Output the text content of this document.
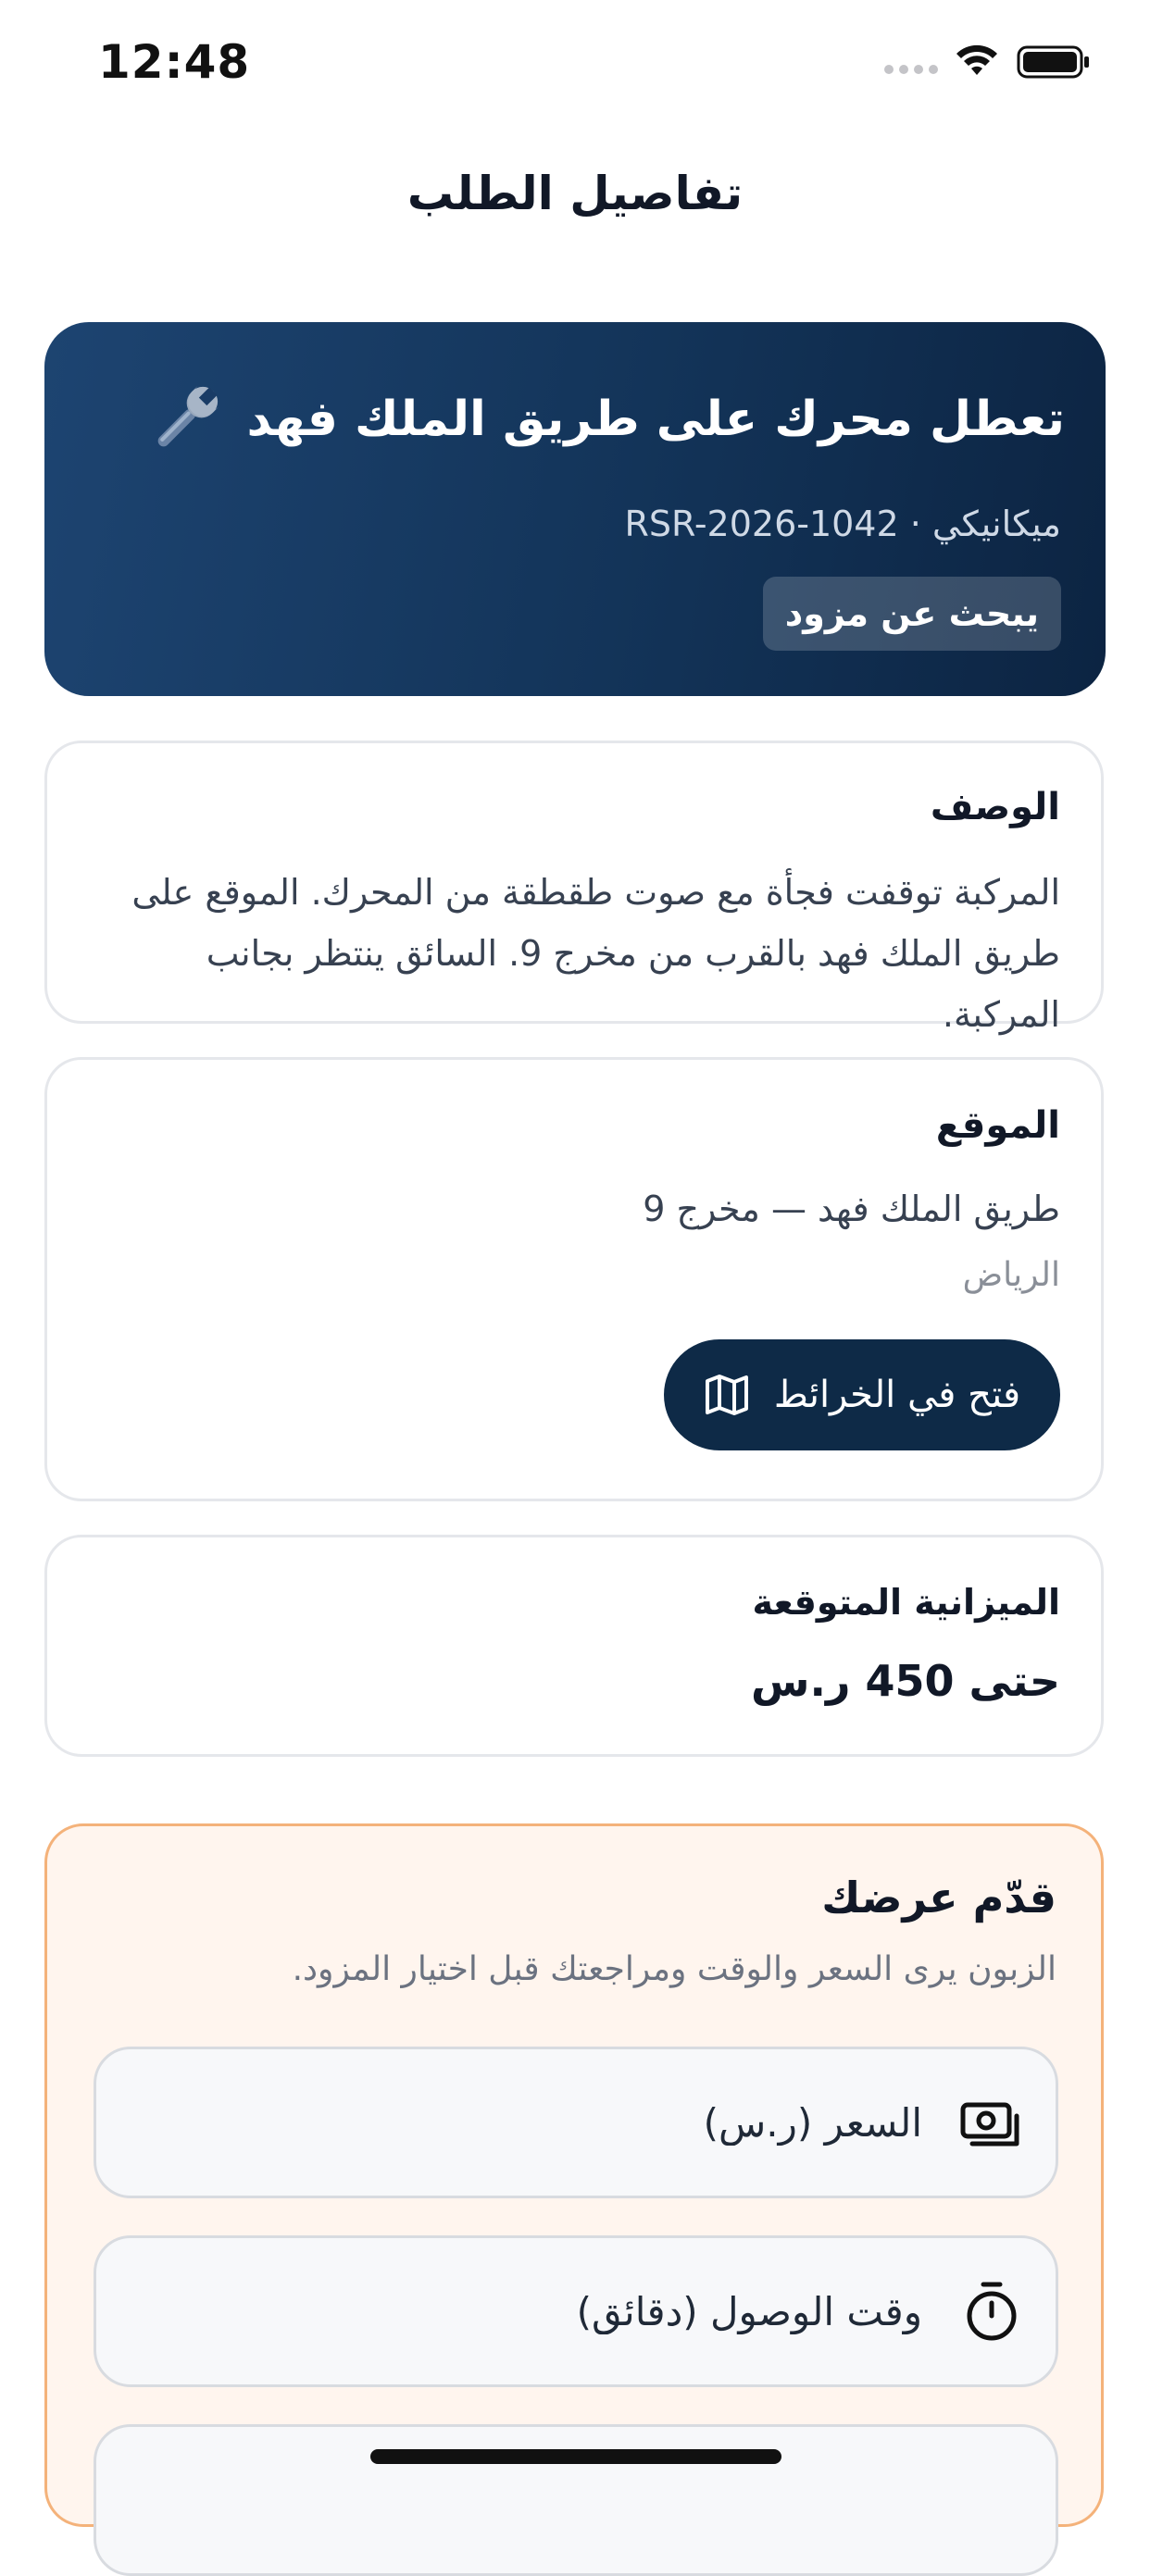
12:48
تفاصيل الطلب
تعطل محرك على طريق الملك فهد
ميكانيكي · RSR-2026-1042
يبحث عن مزود
الوصف
المركبة توقفت فجأة مع صوت طقطقة من المحرك. الموقع على طريق الملك فهد بالقرب من مخرج 9. السائق ينتظر بجانب المركبة.
الموقع
طريق الملك فهد — مخرج 9
الرياض
فتح في الخرائط
الميزانية المتوقعة
حتى 450 ر.س
قدّم عرضك
الزبون يرى السعر والوقت ومراجعتك قبل اختيار المزود.
السعر (ر.س)
وقت الوصول (دقائق)
